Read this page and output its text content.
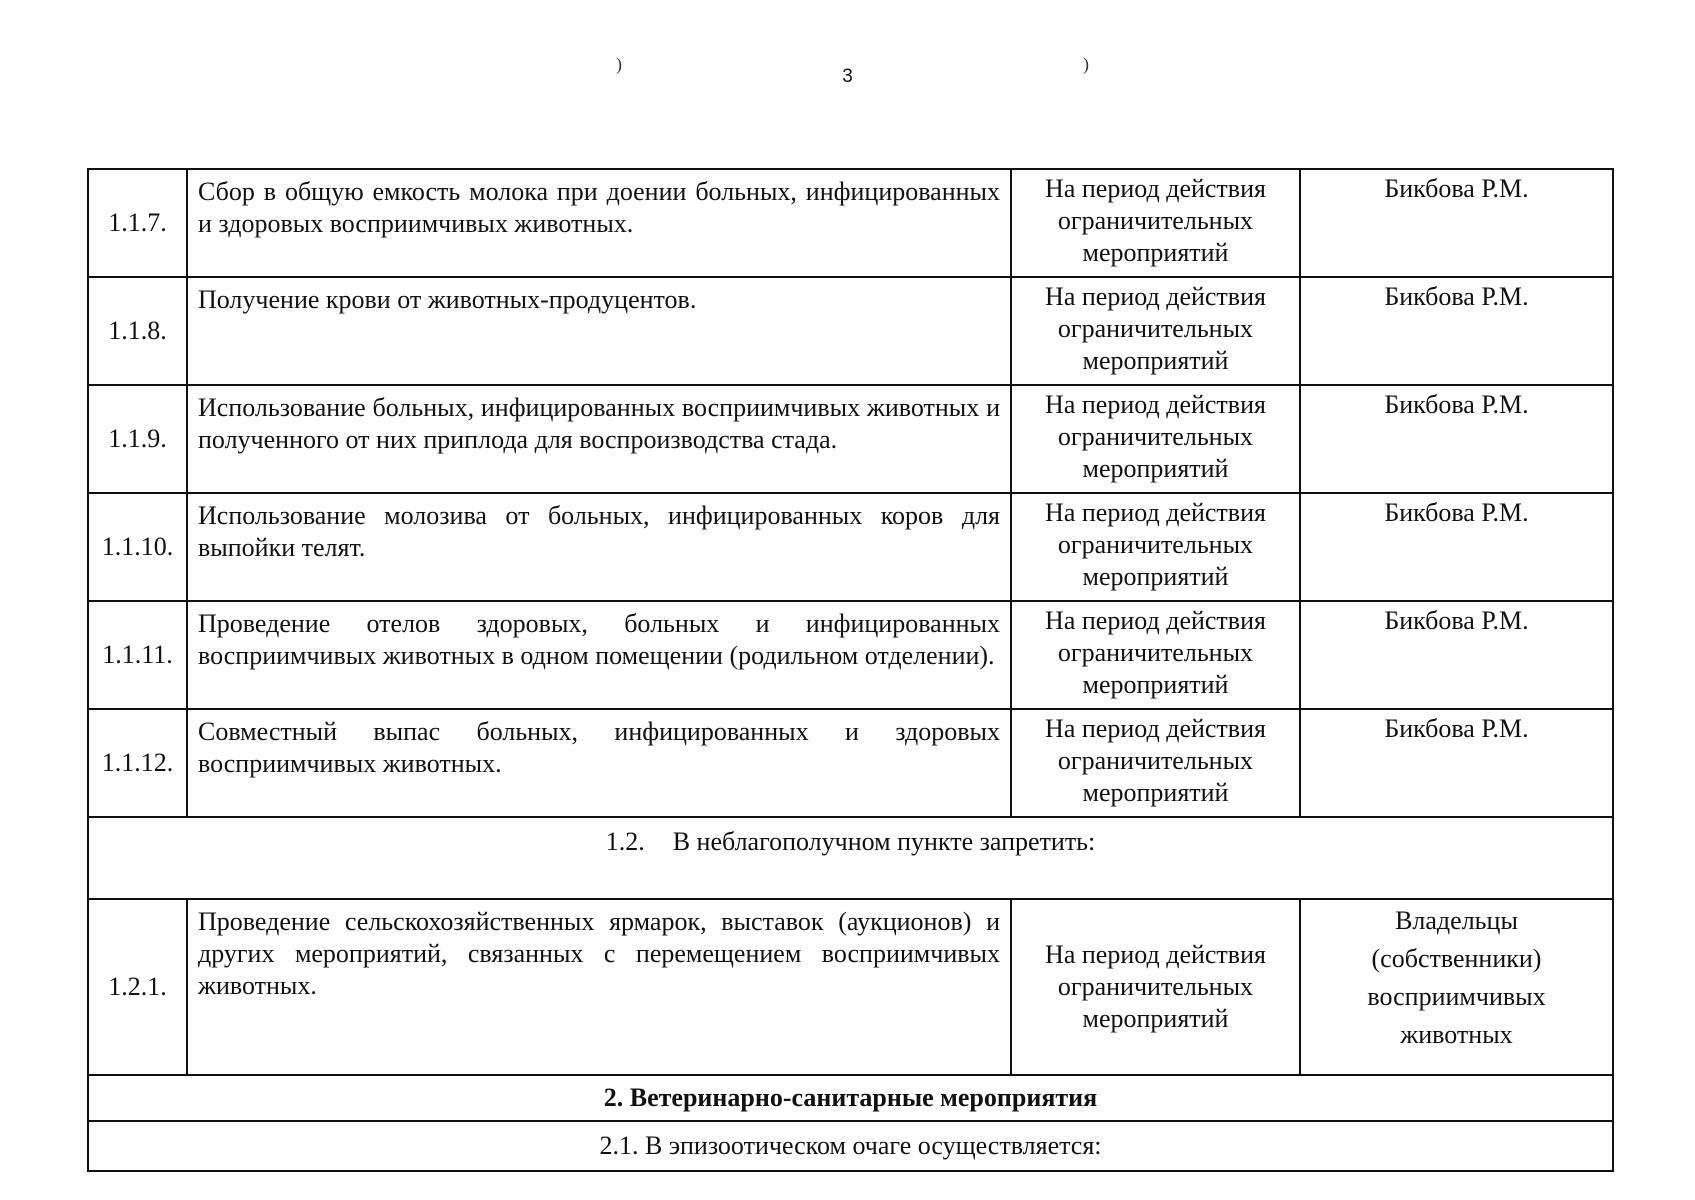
)
3
)
1.1.7.	Сбор в общую емкость молока при доении больных, инфицированных и здоровых восприимчивых животных.	На период действия
ограничительных
мероприятий	Бикбова Р.М.
1.1.8.	Получение крови от животных-продуцентов.	На период действия
ограничительных
мероприятий	Бикбова Р.М.
1.1.9.	Использование больных, инфицированных восприимчивых животных и полученного от них приплода для воспроизводства стада.	На период действия
ограничительных
мероприятий	Бикбова Р.М.
1.1.10.	Использование молозива от больных, инфицированных коров для выпойки телят.	На период действия
ограничительных
мероприятий	Бикбова Р.М.
1.1.11.	Проведение отелов здоровых, больных и инфицированных восприимчивых животных в одном помещении (родильном отделении).	На период действия
ограничительных
мероприятий	Бикбова Р.М.
1.1.12.	Совместный выпас больных, инфицированных и здоровых восприимчивых животных.	На период действия
ограничительных
мероприятий	Бикбова Р.М.
1.2. В неблагополучном пункте запретить:			
1.2.1.	Проведение сельскохозяйственных ярмарок, выставок (аукционов) и других мероприятий, связанных с перемещением восприимчивых животных.	На период действия
ограничительных
мероприятий	Владельцы
(собственники)
восприимчивых
животных

2. Ветеринарно-санитарные мероприятия			
2.1. В эпизоотическом очаге осуществляется:			
